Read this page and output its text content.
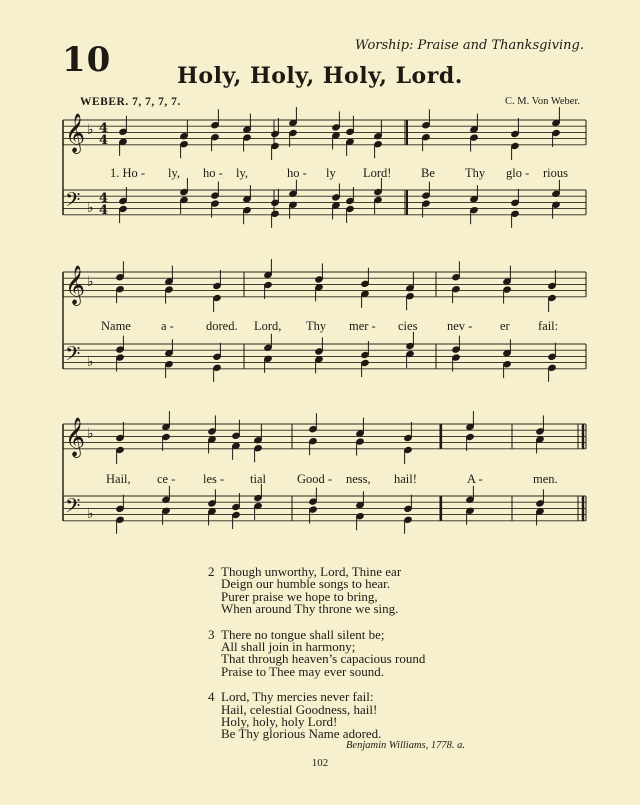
10	Worship: Praise and Thanksgiving.
Holy, Holy, Holy, Lord.
WEBER. 7, 7, 7, 7.	C. M. Von Weber.
𝄞 ♭ 4
4
𝄢 ♭
4
4
𝄞 ♭
𝄢 ♭
𝄞 ♭
𝄢 ♭
1. Ho - ly, ho - ly,	ho - ly Lord! Be Thy glo - rious
Name a -	dored. Lord, Thy mer - cies nev - er fail:
Hail, ce - les - tial Good - ness, hail!	A -	men.
2 Though unworthy, Lord, Thine ear
Deign our humble songs to hear.
Purer praise we hope to bring,
When around Thy throne we sing.
3 There no tongue shall silent be;
All shall join in harmony;
That through heaven’s capacious round
Praise to Thee may ever sound.
4 Lord, Thy mercies never fail:
Hail, celestial Goodness, hail!
Holy, holy, holy Lord!
Be Thy glorious Name adored.
Benjamin Williams, 1778. a.
102
